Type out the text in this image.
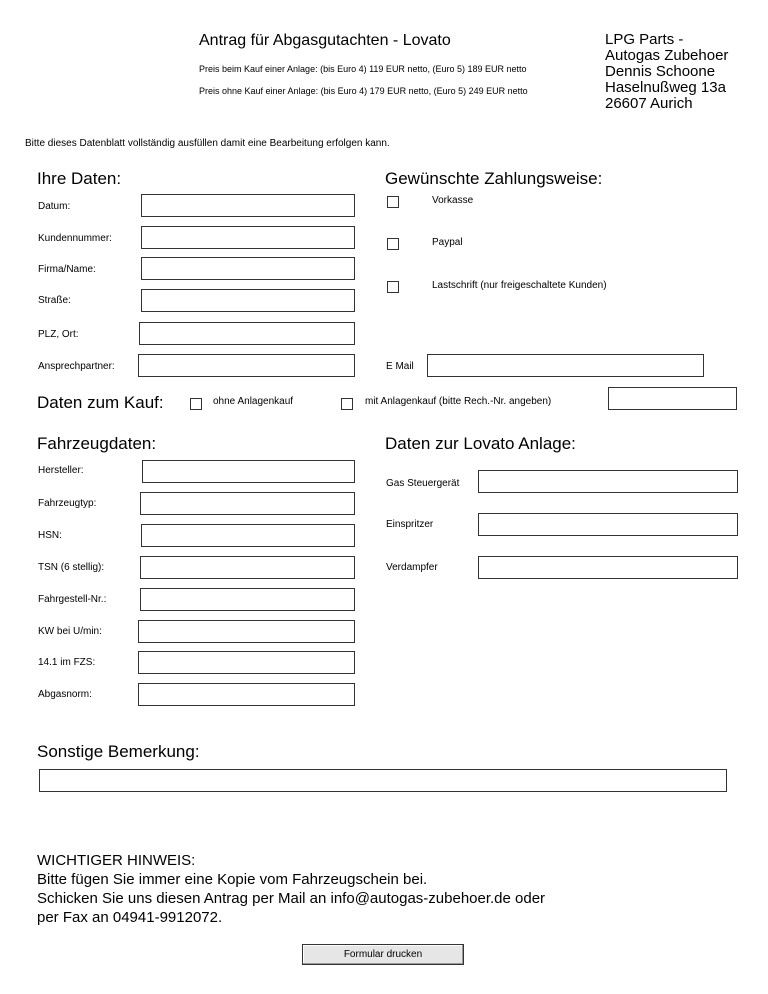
Antrag für Abgasgutachten - Lovato
Preis beim Kauf einer Anlage: (bis Euro 4) 119 EUR netto, (Euro 5) 189 EUR netto
Preis ohne Kauf einer Anlage: (bis Euro 4) 179 EUR netto, (Euro 5) 249 EUR netto
LPG Parts -
Autogas Zubehoer
Dennis Schoone
Haselnußweg 13a
26607 Aurich
Bitte dieses Datenblatt vollständig ausfüllen damit eine Bearbeitung erfolgen kann.
Ihre Daten:
Datum:
Kundennummer:
Firma/Name:
Straße:
PLZ, Ort:
Ansprechpartner:
Gewünschte Zahlungsweise:
Vorkasse
Paypal
Lastschrift (nur freigeschaltete Kunden)
E Mail
Daten zum Kauf:	ohne Anlagenkauf	mit Anlagenkauf (bitte Rech.-Nr. angeben)
Fahrzeugdaten:
Hersteller:
Fahrzeugtyp:
HSN:
TSN (6 stellig):
Fahrgestell-Nr.:
KW bei U/min:
14.1 im FZS:
Abgasnorm:
Daten zur Lovato Anlage:
Gas Steuergerät
Einspritzer
Verdampfer
Sonstige Bemerkung:
WICHTIGER HINWEIS:
Bitte fügen Sie immer eine Kopie vom Fahrzeugschein bei.
Schicken Sie uns diesen Antrag per Mail an info@autogas-zubehoer.de oder
per Fax an 04941-9912072.
Formular drucken
